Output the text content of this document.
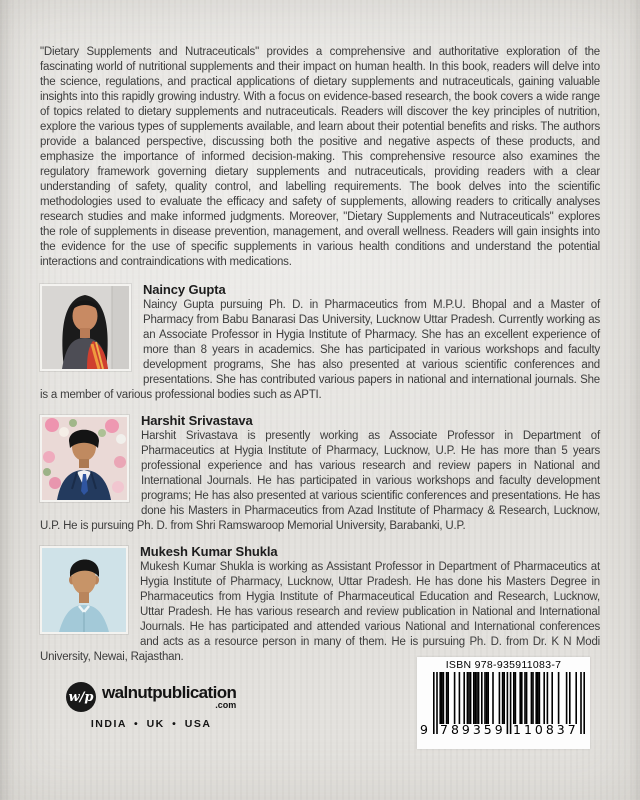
"Dietary Supplements and Nutraceuticals" provides a comprehensive and authoritative exploration of the fascinating world of nutritional supplements and their impact on human health. In this book, readers will delve into the science, regulations, and practical applications of dietary supplements and nutraceuticals, gaining valuable insights into this rapidly growing industry. With a focus on evidence-based research, the book covers a wide range of topics related to dietary supplements and nutraceuticals. Readers will discover the key principles of nutrition, explore the various types of supplements available, and learn about their potential benefits and risks. The authors provide a balanced perspective, discussing both the positive and negative aspects of these products, and emphasize the importance of informed decision-making. This comprehensive resource also examines the regulatory framework governing dietary supplements and nutraceuticals, providing readers with a clear understanding of safety, quality control, and labelling requirements. The book delves into the scientific methodologies used to evaluate the efficacy and safety of supplements, allowing readers to critically analyses research studies and make informed judgments. Moreover, "Dietary Supplements and Nutraceuticals" explores the role of supplements in disease prevention, management, and overall wellness. Readers will gain insights into the evidence for the use of specific supplements in various health conditions and understand the potential interactions and contraindications with medications.

Naincy Gupta

Naincy Gupta pursuing Ph. D. in Pharmaceutics from M.P.U. Bhopal and a Master of Pharmacy from Babu Banarasi Das University, Lucknow Uttar Pradesh. Currently working as an Associate Professor in Hygia Institute of Pharmacy. She has an excellent experience of more than 8 years in academics. She has participated in various workshops and faculty development programs, She has also presented at various scientific conferences and presentations. She has contributed various papers in national and international journals. She is a member of various professional bodies such as APTI.

Harshit Srivastava

Harshit Srivastava is presently working as Associate Professor in Department of Pharmaceutics at Hygia Institute of Pharmacy, Lucknow, U.P. He has more than 5 years professional experience and has various research and review papers in National and International Journals. He has participated in various workshops and faculty development programs; He has also presented at various scientific conferences and presentations. He has done his Masters in Pharmaceutics from Azad Institute of Pharmacy & Research, Lucknow, U.P. He is pursuing Ph. D. from Shri Ramswaroop Memorial University, Barabanki, U.P.

Mukesh Kumar Shukla

Mukesh Kumar Shukla is working as Assistant Professor in Department of Pharmaceutics at Hygia Institute of Pharmacy, Lucknow, Uttar Pradesh. He has done his Masters Degree in Pharmaceutics from Hygia Institute of Pharmaceutical Education and Research, Lucknow, Uttar Pradesh. He has various research and review publication in National and International Journals. He has participated and attended various National and International conferences and acts as a resource person in many of them. He is pursuing Ph. D. from Dr. K N Modi University, Newai, Rajasthan.

w/p walnutpublication
.com
INDIA • UK • USA
ISBN 978-935911083-7
9 789359 110837
